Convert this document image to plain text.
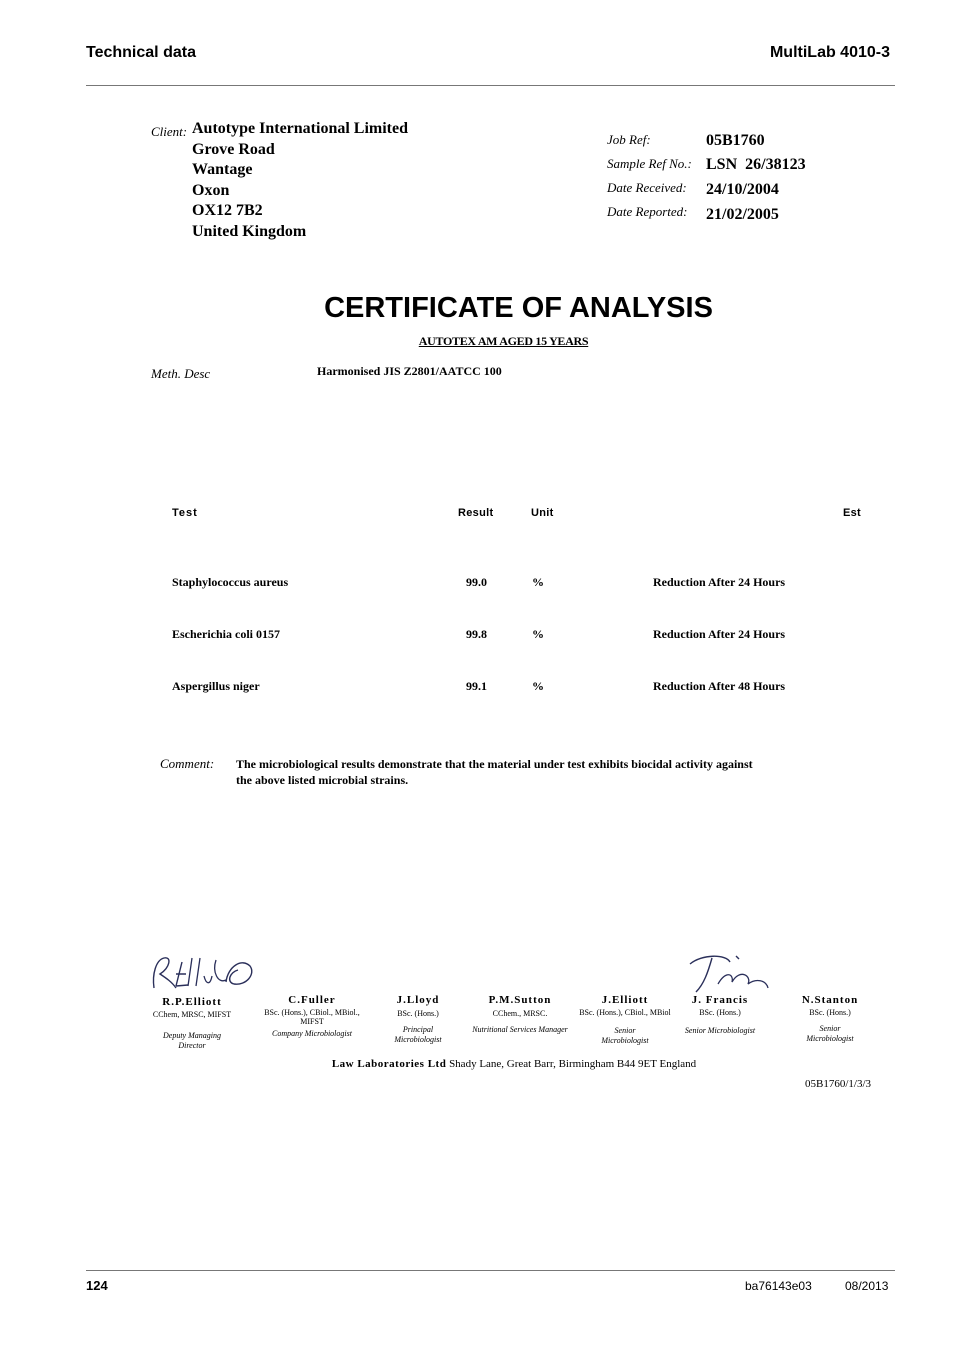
Technical data	MultiLab 4010-3
Client: Autotype International Limited
Grove Road
Wantage
Oxon
OX12 7B2
United Kingdom
Job Ref:	05B1760
Sample Ref No.: LSN  26/38123
Date Received: 24/10/2004
Date Reported: 21/02/2005
CERTIFICATE OF ANALYSIS
AUTOTEX AM AGED 15 YEARS
Meth. Desc	Harmonised JIS Z2801/AATCC 100
Test	Result	Unit	Est
Staphylococcus aureus	99.0	%	Reduction After 24 Hours
Escherichia coli 0157	99.8	%	Reduction After 24 Hours
Aspergillus niger	99.1	%	Reduction After 48 Hours
Comment: The microbiological results demonstrate that the material under test exhibits biocidal activity against
the above listed microbial strains.
R.P.Elliott
CChem, MRSC, MIFST
Deputy Managing Director
C.Fuller
BSc. (Hons.), CBiol., MBiol., MIFST
Company Microbiologist
J.Lloyd
BSc. (Hons.)
Principal Microbiologist
P.M.Sutton
CChem., MRSC.
Nutritional Services Manager
J.Elliott
BSc. (Hons.), CBiol., MBiol
Senior Microbiologist
J. Francis
BSc. (Hons.)
Senior Microbiologist
N.Stanton
BSc. (Hons.)
Senior Microbiologist
Law Laboratories Ltd Shady Lane, Great Barr, Birmingham B44 9ET England
05B1760/1/3/3
124	ba76143e03	08/2013
